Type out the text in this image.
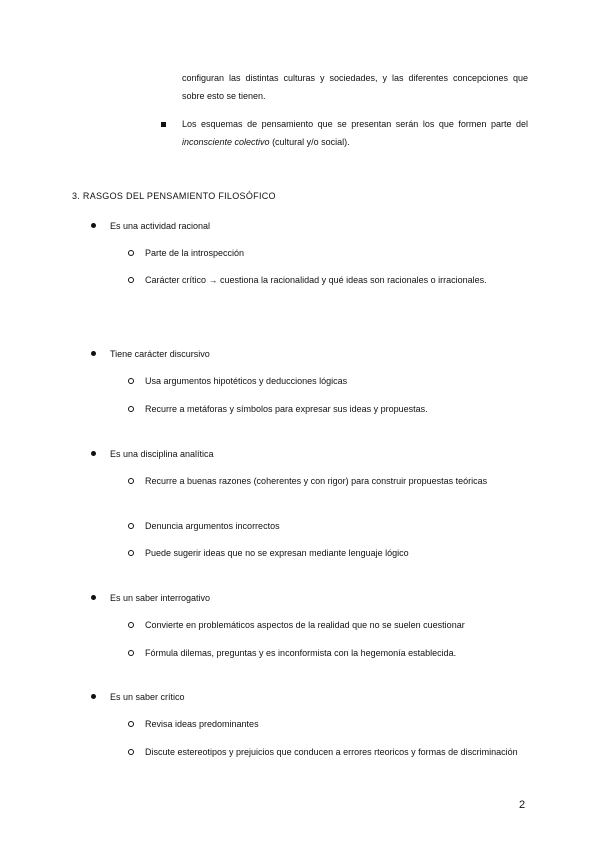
configuran las distintas culturas y sociedades, y las diferentes concepciones que sobre esto se tienen.
Los esquemas de pensamiento que se presentan serán los que formen parte del inconsciente colectivo (cultural y/o social).
3. RASGOS DEL PENSAMIENTO FILOSÓFICO
Es una actividad racional
Parte de la introspección
Carácter crítico → cuestiona la racionalidad y qué ideas son racionales o irracionales.
Tiene carácter discursivo
Usa argumentos hipotéticos y deducciones lógicas
Recurre a metáforas y símbolos para expresar sus ideas y propuestas.
Es una disciplina analítica
Recurre a buenas razones (coherentes y con rigor) para construir propuestas teóricas
Denuncia argumentos incorrectos
Puede sugerir ideas que no se expresan mediante lenguaje lógico
Es un saber interrogativo
Convierte en problemáticos aspectos de la realidad que no se suelen cuestionar
Fórmula dilemas, preguntas y es inconformista con la hegemonía establecida.
Es un saber crítico
Revisa ideas predominantes
Discute estereotipos y prejuicios que conducen a errores rteoricos y formas de discriminación
2
